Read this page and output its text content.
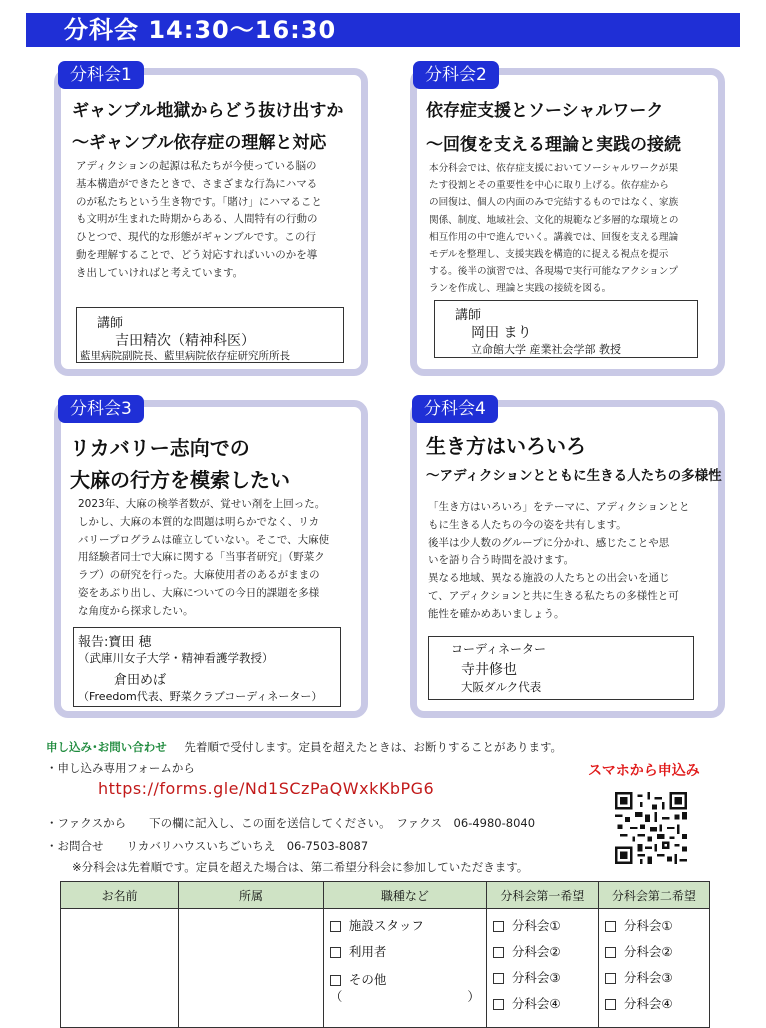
分科会 14:30〜16:30
分科会1	分科会2
分科会3	分科会4
ギャンブル地獄からどう抜け出すか
〜ギャンブル依存症の理解と対応
アディクションの起源は私たちが今使っている脳の
基本構造ができたときで、さまざまな行為にハマる
のが私たちという生き物です。「賭け」にハマること
も文明が生まれた時期からある、人間特有の行動の
ひとつで、現代的な形態がギャンブルです。この行
動を理解することで、どう対応すればいいのかを導
き出していければと考えています。
講師
吉田精次（精神科医）
藍里病院副院長、藍里病院依存症研究所所長
依存症支援とソーシャルワーク
〜回復を支える理論と実践の接続
本分科会では、依存症支援においてソーシャルワークが果
たす役割とその重要性を中心に取り上げる。依存症から
の回復は、個人の内面のみで完結するものではなく、家族
関係、制度、地域社会、文化的規範など多層的な環境との
相互作用の中で進んでいく。講義では、回復を支える理論
モデルを整理し、支援実践を構造的に捉える視点を提示
する。後半の演習では、各現場で実行可能なアクションプ
ランを作成し、理論と実践の接続を図る。
講師
岡田 まり
立命館大学 産業社会学部 教授
リカバリー志向での
大麻の行方を模索したい
2023年、大麻の検挙者数が、覚せい剤を上回った。
しかし、大麻の本質的な問題は明らかでなく、リカ
バリープログラムは確立していない。そこで、大麻使
用経験者同士で大麻に関する「当事者研究」（野菜ク
ラブ）の研究を行った。大麻使用者のあるがままの
姿をあぶり出し、大麻についての今日的課題を多様
な角度から探求したい。
報告:寶田 穂
（武庫川女子大学・精神看護学教授）
倉田めば
（Freedom代表、野菜クラブコーディネーター）
生き方はいろいろ
〜アディクションとともに生きる人たちの多様性
「生き方はいろいろ」をテーマに、アディクションとと
もに生きる人たちの今の姿を共有します。
後半は少人数のグループに分かれ、感じたことや思
いを語り合う時間を設けます。
異なる地域、異なる施設の人たちとの出会いを通じ
て、アディクションと共に生きる私たちの多様性と可
能性を確かめあいましょう。
コーディネーター
寺井修也
大阪ダルク代表
申し込み･お問い合わせ 先着順で受付します。定員を超えたときは、お断りすることがあります。
・申し込み専用フォームから
https://forms.gle/Nd1SCzPaQWxkKbPG6
スマホから申込み
・ファクスから　　下の欄に記入し、この面を送信してください。　ファクス　06-4980-8040
・お問合せ　　リカバリハウスいちごいちえ　06-7503-8087
※分科会は先着順です。定員を超えた場合は、第二希望分科会に参加していただきます。
お名前	所属	職種など	分科会第一希望	分科会第二希望

		施設スタッフ
利用者
その他
（　　　　　　　　　　）	分科会①
分科会②
分科会③
分科会④	分科会①
分科会②
分科会③
分科会④
